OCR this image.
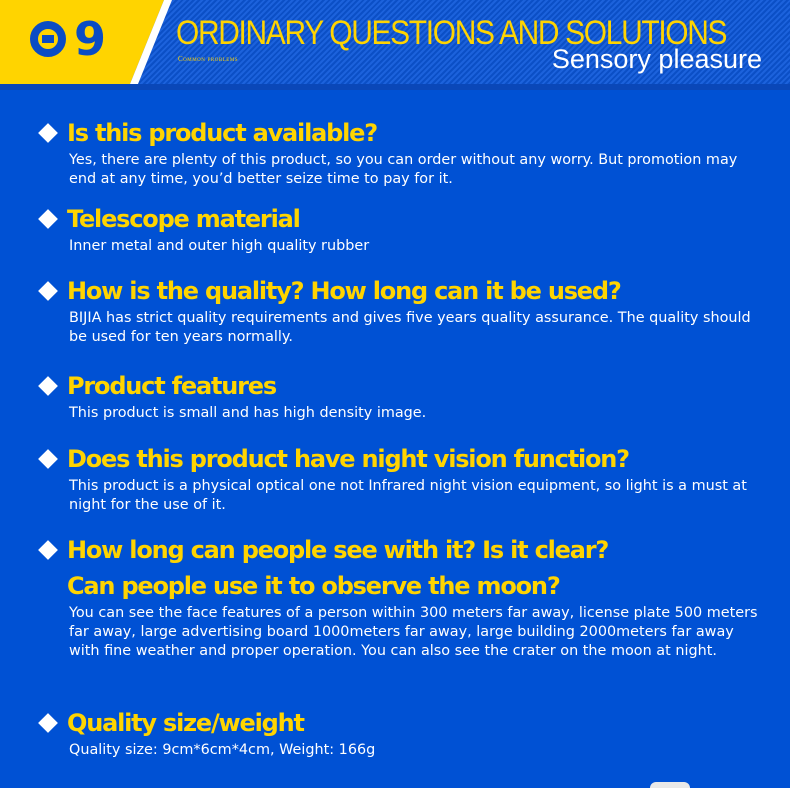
9 ORDINARY QUESTIONS AND SOLUTIONS
Common problems	Sensory pleasure
Is this product available?
Yes, there are plenty of this product, so you can order without any worry. But promotion may end at any time, you’d better seize time to pay for it.
Telescope material
Inner metal and outer high quality rubber
How is the quality? How long can it be used?
BIJIA has strict quality requirements and gives five years quality assurance. The quality should be used for ten years normally.
Product features
This product is small and has high density image.
Does this product have night vision function?
This product is a physical optical one not Infrared night vision equipment, so light is a must at night for the use of it.
How long can people see with it? Is it clear?
Can people use it to observe the moon?
You can see the face features of a person within 300 meters far away, license plate 500 meters far away, large advertising board 1000meters far away, large building 2000meters far away with fine weather and proper operation. You can also see the crater on the moon at night.
Quality size/weight
Quality size: 9cm*6cm*4cm, Weight: 166g
